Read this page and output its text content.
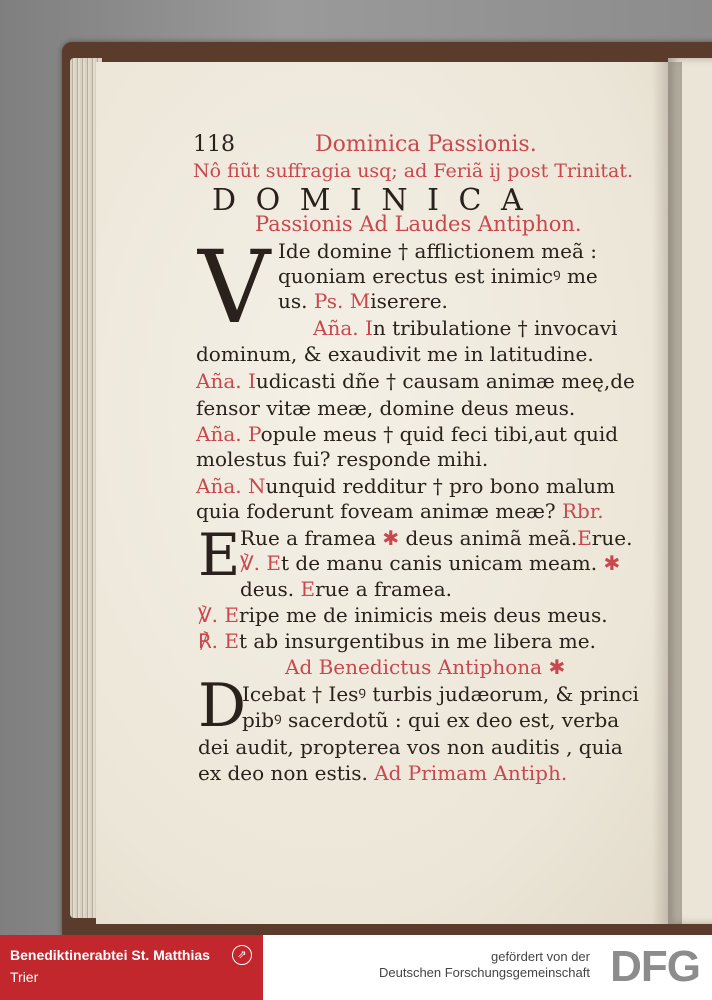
118	Dominica Passionis.
Nô fiũt suffragia usq; ad Feriã ij post Trinitat.
D O M I N I C A
Passionis Ad Laudes Antiphon.
V Ide domine † afflictionem meã :
quoniam erectus est inimicꝰ me
us. Ps. Miserere.
Aña. In tribulatione † invocavi
dominum, & exaudivit me in latitudine.
Aña. Iudicasti dñe † causam animæ meę,de
fensor vitæ meæ, domine deus meus.
Aña. Popule meus † quid feci tibi,aut quid
molestus fui? responde mihi.
Aña. Nunquid redditur † pro bono malum
quia foderunt foveam animæ meæ? Rbr.
E Rue a framea ✱ deus animã meã.Erue.
℣. Et de manu canis unicam meam. ✱
deus. Erue a framea.
℣. Eripe me de inimicis meis deus meus.
℟. Et ab insurgentibus in me libera me.
Ad Benedictus Antiphona ✱
D
Icebat † Iesꝰ turbis judæorum, & princi
pibꝰ sacerdotũ : qui ex deo est, verba
dei audit, propterea vos non auditis , quia
ex deo non estis. Ad Primam Antiph.
Benediktinerabtei St. Matthias
Trier
⇗	gefördert von der
Deutschen Forschungsgemeinschaft DFG
